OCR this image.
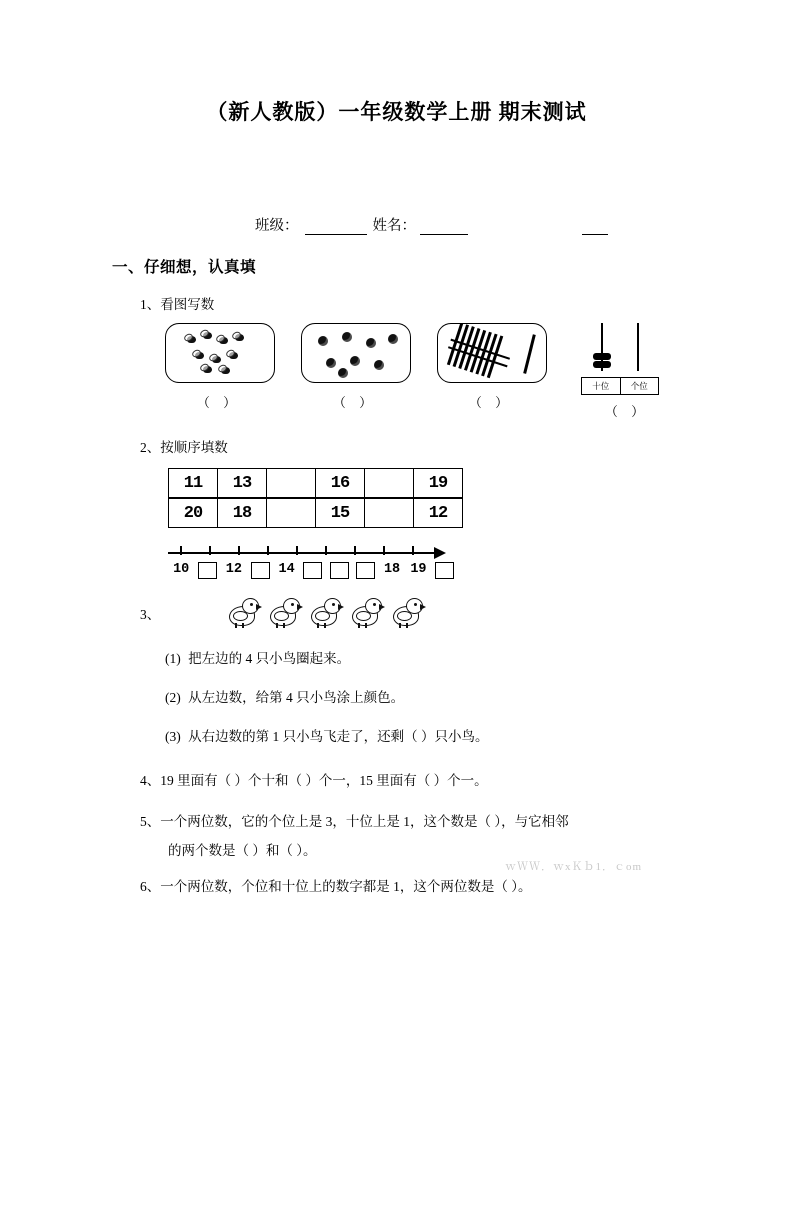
（新人教版）一年级数学上册 期末测试
班级：	姓名：
一、仔细想，认真填
1、看图写数
（ ）	（ ）	（ ）
十位	个位
（ ）
2、按顺序填数
11	13		16		19
20	18		15		12
10	12	14	18 19
3、
(1) 把左边的 4 只小鸟圈起来。
(2) 从左边数，给第 4 只小鸟涂上颜色。
(3) 从右边数的第 1 只小鸟飞走了，还剩（ ）只小鸟。
4、19 里面有（ ）个十和（ ）个一，15 里面有（ ）个一。
5、一个两位数，它的个位上是 3，十位上是 1，这个数是（ ），与它相邻
的两个数是（ ）和（ ）。
6、一个两位数，个位和十位上的数字都是 1，这个两位数是（ ）。
ｗＷＷ．ｗxＫｂ1．ｃom
